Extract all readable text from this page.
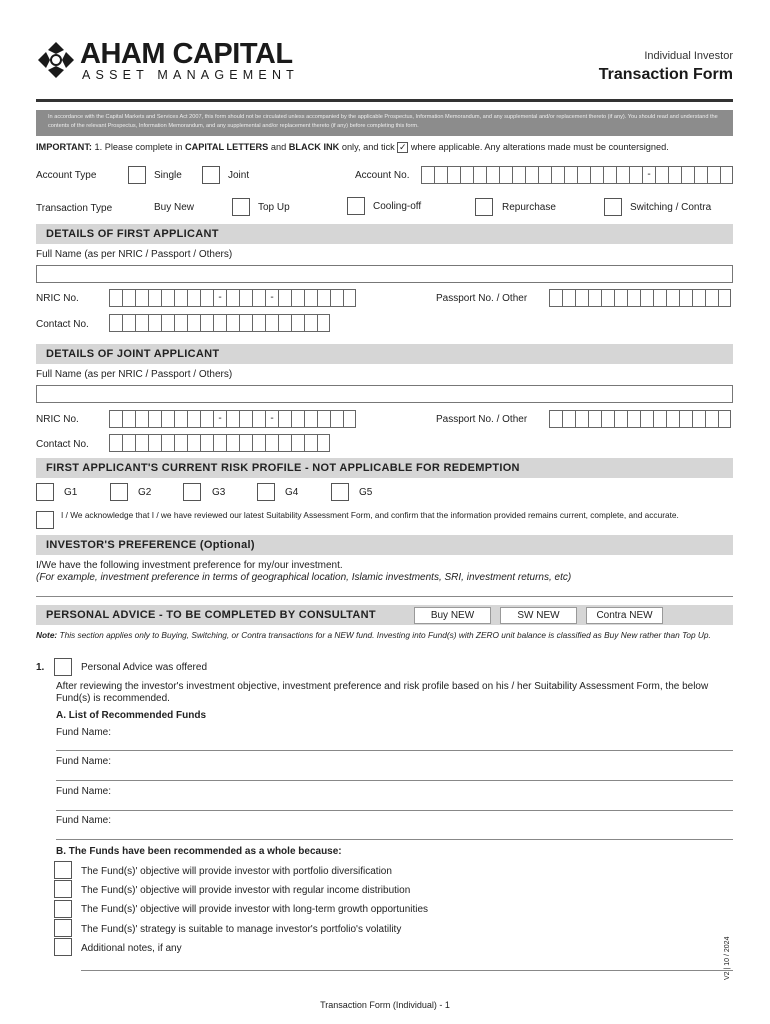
AHAM CAPITAL
ASSET MANAGEMENT
Individual Investor
Transaction Form
In accordance with the Capital Markets and Services Act 2007, this form should not be circulated unless accompanied by the applicable Prospectus, Information Memorandum, and any supplemental and/or replacement thereto (if any). You should read and understand the contents of the relevant Prospectus, Information Memorandum, and any supplemental and/or replacement thereto (if any) before completing this form.
IMPORTANT: 1. Please complete in CAPITAL LETTERS and BLACK INK only, and tick ✓ where applicable. Any alterations made must be countersigned.
Account Type	Single	Joint	Account No.	-
Transaction Type	Buy New	Top Up	Cooling-off	Repurchase	Switching / Contra
DETAILS OF FIRST APPLICANT
Full Name (as per NRIC / Passport / Others)
NRIC No.	-	-	Passport No. / Other
Contact No.
DETAILS OF JOINT APPLICANT
Full Name (as per NRIC / Passport / Others)
NRIC No.	-	-	Passport No. / Other
Contact No.
FIRST APPLICANT'S CURRENT RISK PROFILE - NOT APPLICABLE FOR REDEMPTION
G1	G2	G3	G4	G5
I / We acknowledge that I / we have reviewed our latest Suitability Assessment Form, and confirm that the information provided remains current, complete, and accurate.
INVESTOR'S PREFERENCE (Optional)
I/We have the following investment preference for my/our investment.
(For example, investment preference in terms of geographical location, Islamic investments, SRI, investment returns, etc)
PERSONAL ADVICE - TO BE COMPLETED BY CONSULTANT	Buy NEW	SW NEW	Contra NEW
Note: This section applies only to Buying, Switching, or Contra transactions for a NEW fund. Investing into Fund(s) with ZERO unit balance is classified as Buy New rather than Top Up.
1.	Personal Advice was offered
After reviewing the investor's investment objective, investment preference and risk profile based on his / her Suitability Assessment Form, the below Fund(s) is recommended.
A. List of Recommended Funds
Fund Name:
Fund Name:
Fund Name:
Fund Name:
B. The Funds have been recommended as a whole because:
The Fund(s)' objective will provide investor with portfolio diversification
The Fund(s)' objective will provide investor with regular income distribution
The Fund(s)' objective will provide investor with long-term growth opportunities
The Fund(s)' strategy is suitable to manage investor's portfolio's volatility
Additional notes, if any
Transaction Form (Individual) - 1
V2 | 10 / 2024
